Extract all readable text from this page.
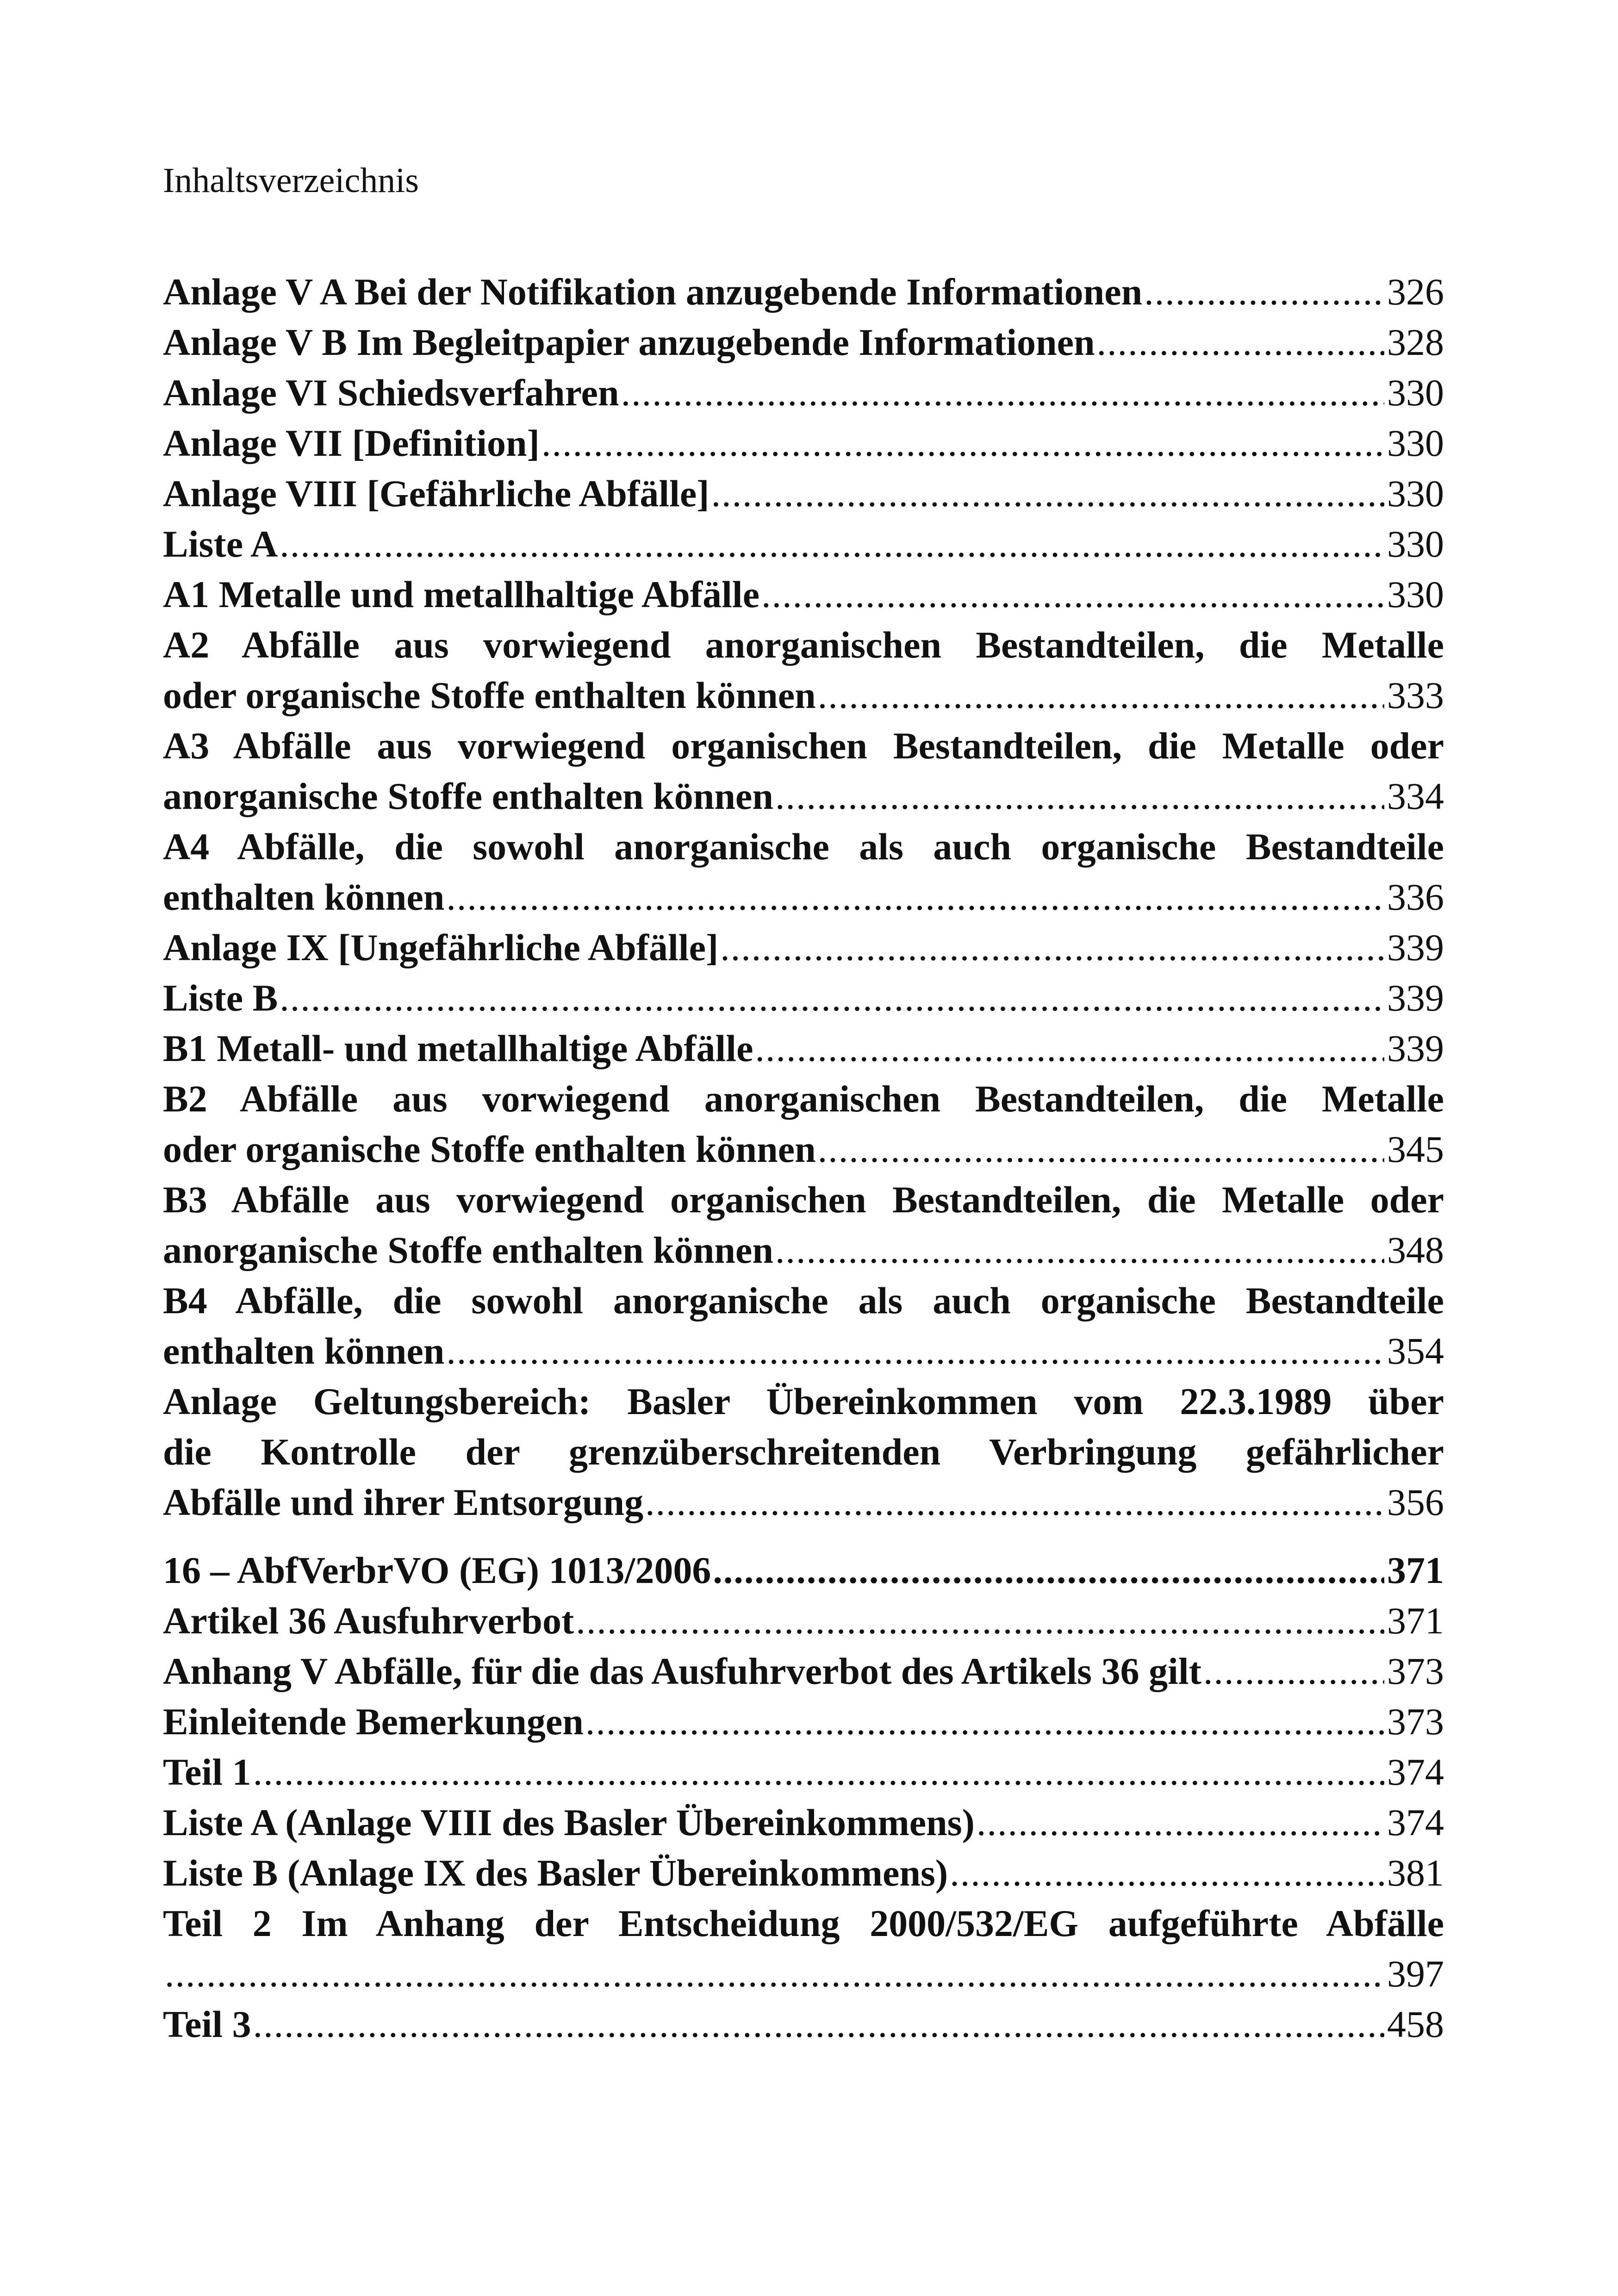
Inhaltsverzeichnis

Anlage V A Bei der Notifikation anzugebende Informationen .....	326
Anlage V B Im Begleitpapier anzugebende Informationen .....	328
Anlage VI Schiedsverfahren .....	330
Anlage VII [Definition] .....	330
Anlage VIII [Gefährliche Abfälle] .....	330
Liste A .....	330
A1 Metalle und metallhaltige Abfälle .....	330
A2 Abfälle aus vorwiegend anorganischen Bestandteilen, die Metalle
oder organische Stoffe enthalten können .....	333
A3 Abfälle aus vorwiegend organischen Bestandteilen, die Metalle oder
anorganische Stoffe enthalten können .....	334
A4 Abfälle, die sowohl anorganische als auch organische Bestandteile
enthalten können .....	336
Anlage IX [Ungefährliche Abfälle] .....	339
Liste B .....	339
B1 Metall- und metallhaltige Abfälle .....	339
B2 Abfälle aus vorwiegend anorganischen Bestandteilen, die Metalle
oder organische Stoffe enthalten können .....	345
B3 Abfälle aus vorwiegend organischen Bestandteilen, die Metalle oder
anorganische Stoffe enthalten können .....	348
B4 Abfälle, die sowohl anorganische als auch organische Bestandteile
enthalten können .....	354
Anlage Geltungsbereich: Basler Übereinkommen vom 22.3.1989 über
die Kontrolle der grenzüberschreitenden Verbringung gefährlicher
Abfälle und ihrer Entsorgung .....	356
16 – AbfVerbrVO (EG) 1013/2006 .....	371
Artikel 36 Ausfuhrverbot .....	371
Anhang V Abfälle, für die das Ausfuhrverbot des Artikels 36 gilt .....	373
Einleitende Bemerkungen .....	373
Teil 1 .....	374
Liste A (Anlage VIII des Basler Übereinkommens) .....	374
Liste B (Anlage IX des Basler Übereinkommens) .....	381
Teil 2 Im Anhang der Entscheidung 2000/532/EG aufgeführte Abfälle
.....
397
Teil 3 .....	458
